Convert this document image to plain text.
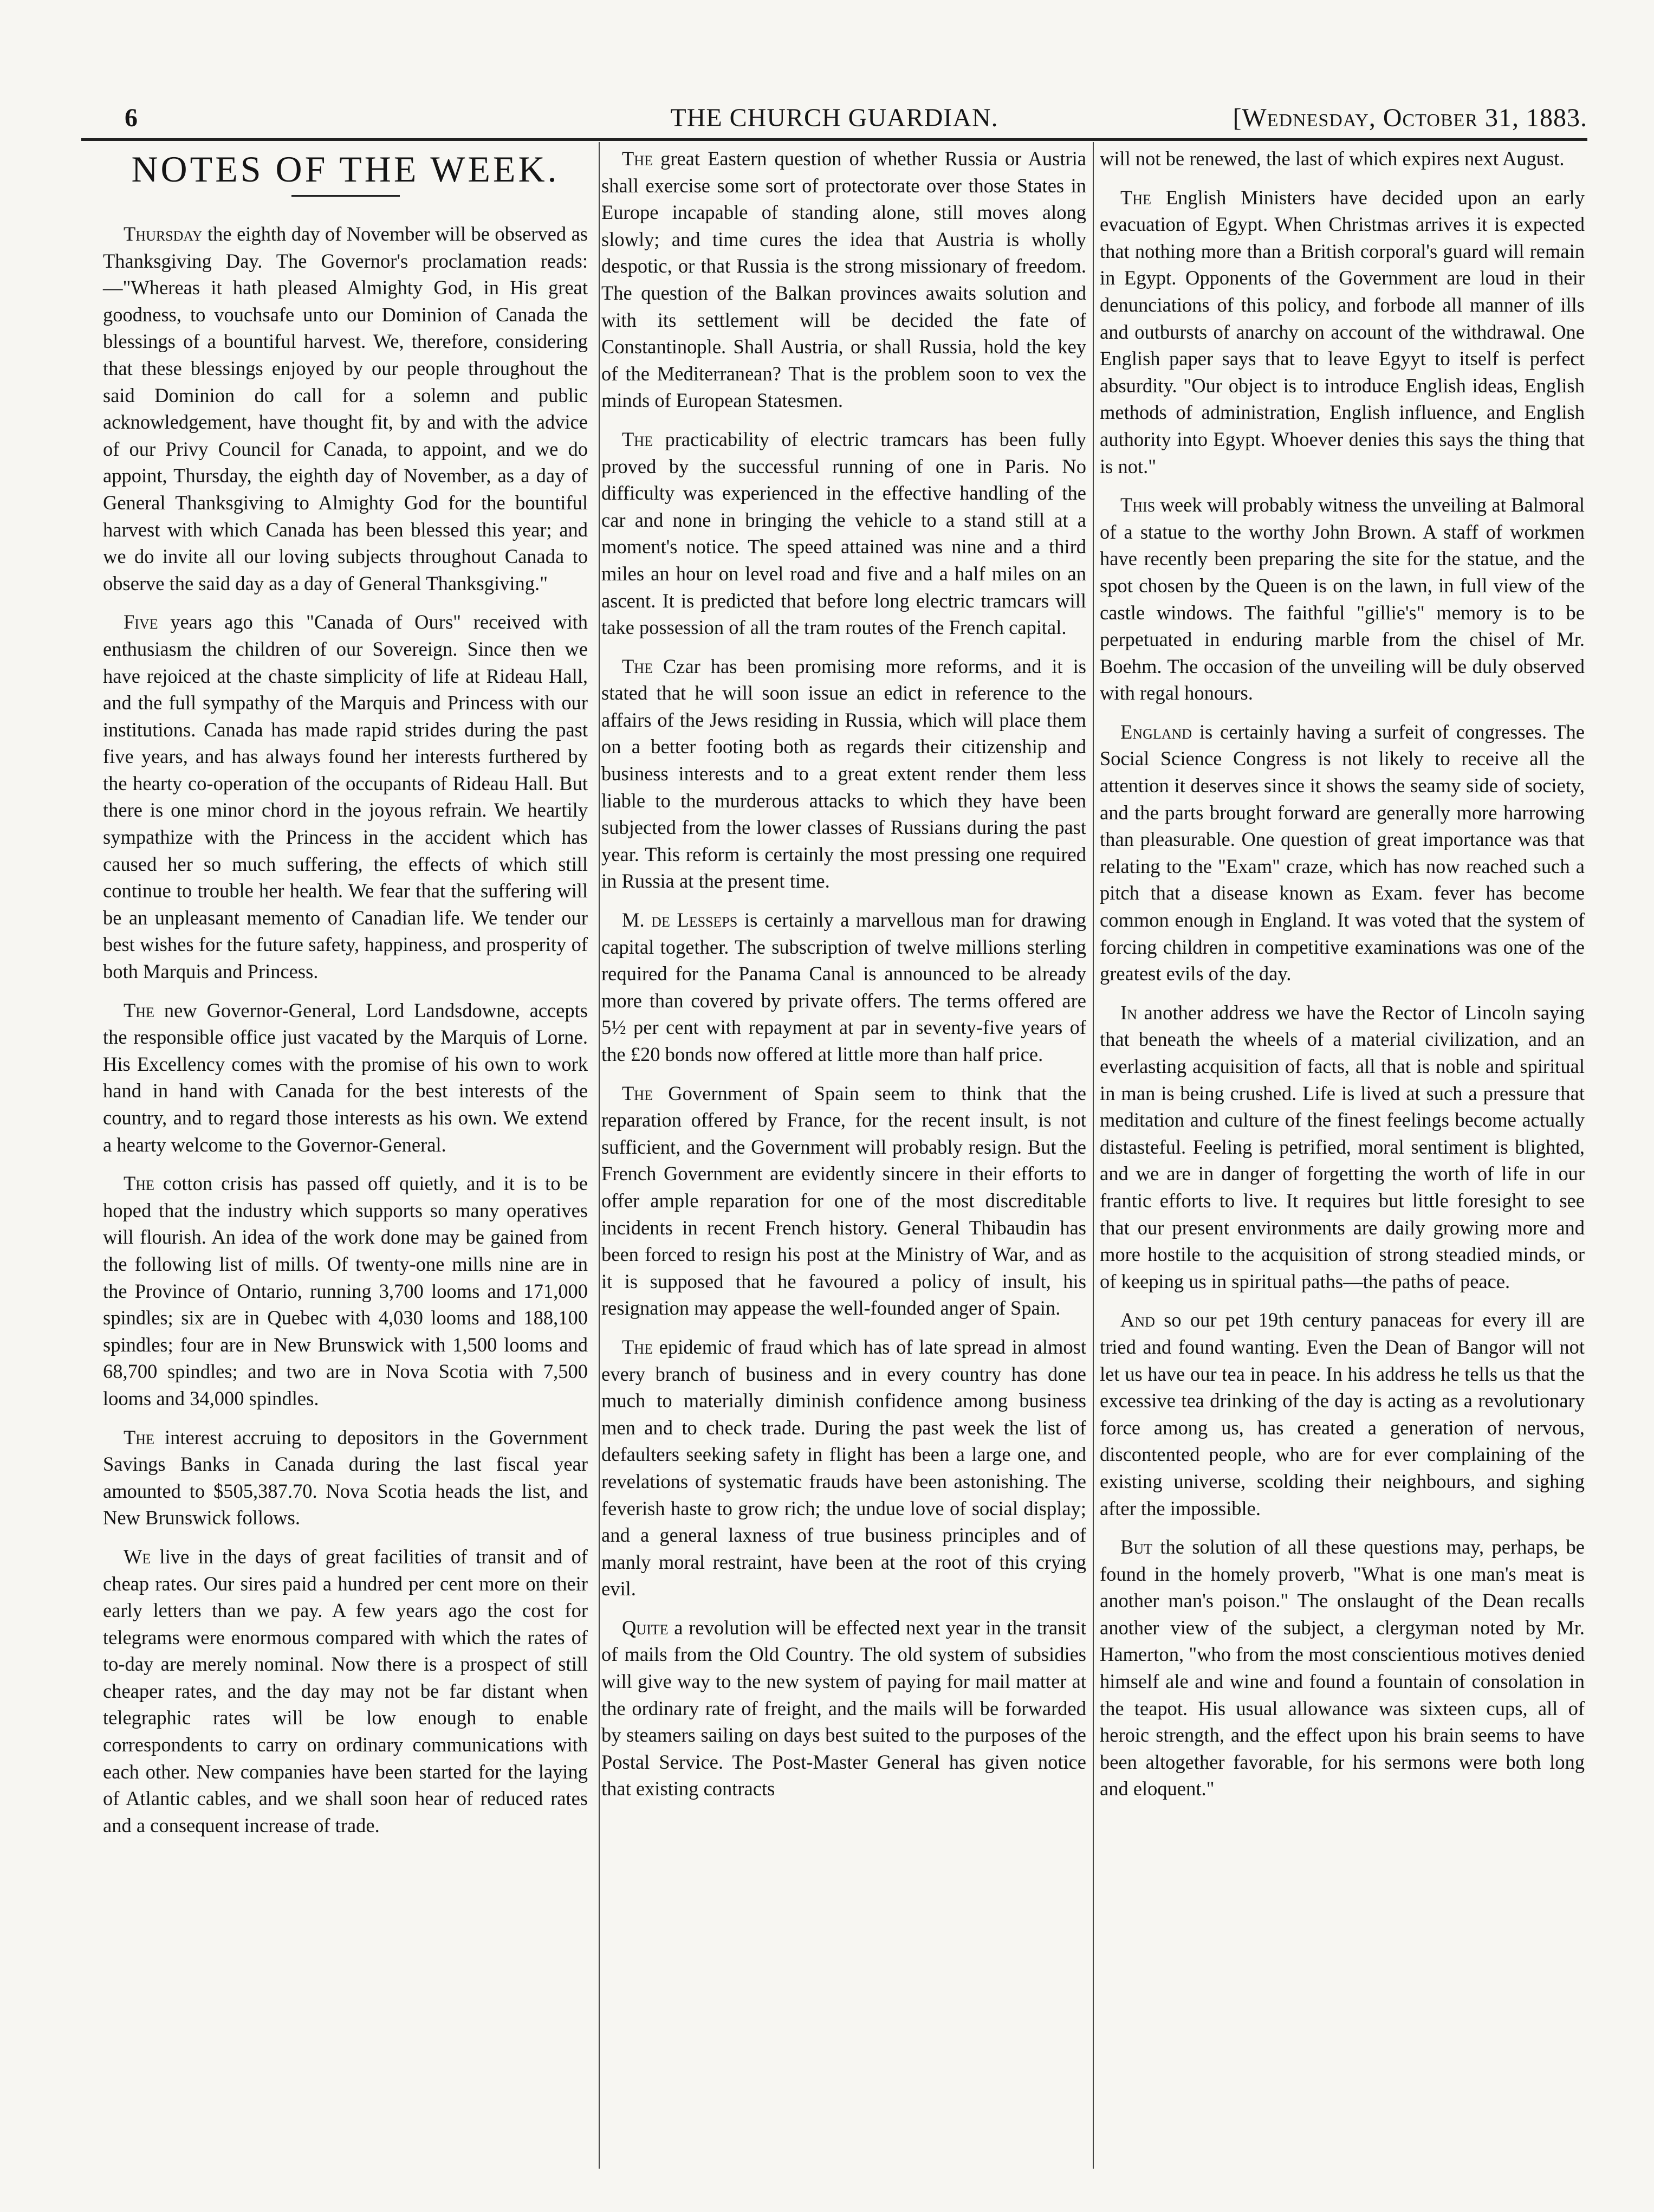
6	THE CHURCH GUARDIAN.	[Wednesday, October 31, 1883.
NOTES OF THE WEEK.

Thursday the eighth day of November will be observed as Thanksgiving Day. The Governor's proclamation reads:—"Whereas it hath pleased Almighty God, in His great goodness, to vouchsafe unto our Dominion of Canada the blessings of a bountiful harvest. We, therefore, considering that these blessings enjoyed by our people throughout the said Dominion do call for a solemn and public acknowledgement, have thought fit, by and with the advice of our Privy Council for Canada, to appoint, and we do appoint, Thursday, the eighth day of November, as a day of General Thanksgiving to Almighty God for the bountiful harvest with which Canada has been blessed this year; and we do invite all our loving subjects throughout Canada to observe the said day as a day of General Thanksgiving."

Five years ago this "Canada of Ours" received with enthusiasm the children of our Sovereign. Since then we have rejoiced at the chaste simplicity of life at Rideau Hall, and the full sympathy of the Marquis and Princess with our institutions. Canada has made rapid strides during the past five years, and has always found her interests furthered by the hearty co-operation of the occupants of Rideau Hall. But there is one minor chord in the joyous refrain. We heartily sympathize with the Princess in the accident which has caused her so much suffering, the effects of which still continue to trouble her health. We fear that the suffering will be an unpleasant memento of Canadian life. We tender our best wishes for the future safety, happiness, and prosperity of both Marquis and Princess.

The new Governor-General, Lord Landsdowne, accepts the responsible office just vacated by the Marquis of Lorne. His Excellency comes with the promise of his own to work hand in hand with Canada for the best interests of the country, and to regard those interests as his own. We extend a hearty welcome to the Governor-General.

The cotton crisis has passed off quietly, and it is to be hoped that the industry which supports so many operatives will flourish. An idea of the work done may be gained from the following list of mills. Of twenty-one mills nine are in the Province of Ontario, running 3,700 looms and 171,000 spindles; six are in Quebec with 4,030 looms and 188,100 spindles; four are in New Brunswick with 1,500 looms and 68,700 spindles; and two are in Nova Scotia with 7,500 looms and 34,000 spindles.

The interest accruing to depositors in the Government Savings Banks in Canada during the last fiscal year amounted to $505,387.70. Nova Scotia heads the list, and New Brunswick follows.

We live in the days of great facilities of transit and of cheap rates. Our sires paid a hundred per cent more on their early letters than we pay. A few years ago the cost for telegrams were enormous compared with which the rates of to-day are merely nominal. Now there is a prospect of still cheaper rates, and the day may not be far distant when telegraphic rates will be low enough to enable correspondents to carry on ordinary communications with each other. New companies have been started for the laying of Atlantic cables, and we shall soon hear of reduced rates and a consequent increase of trade.

The great Eastern question of whether Russia or Austria shall exercise some sort of protectorate over those States in Europe incapable of standing alone, still moves along slowly; and time cures the idea that Austria is wholly despotic, or that Russia is the strong missionary of freedom. The question of the Balkan provinces awaits solution and with its settlement will be decided the fate of Constantinople. Shall Austria, or shall Russia, hold the key of the Mediterranean? That is the problem soon to vex the minds of European Statesmen.

The practicability of electric tramcars has been fully proved by the successful running of one in Paris. No difficulty was experienced in the effective handling of the car and none in bringing the vehicle to a stand still at a moment's notice. The speed attained was nine and a third miles an hour on level road and five and a half miles on an ascent. It is predicted that before long electric tramcars will take possession of all the tram routes of the French capital.

The Czar has been promising more reforms, and it is stated that he will soon issue an edict in reference to the affairs of the Jews residing in Russia, which will place them on a better footing both as regards their citizenship and business interests and to a great extent render them less liable to the murderous attacks to which they have been subjected from the lower classes of Russians during the past year. This reform is certainly the most pressing one required in Russia at the present time.

M. de Lesseps is certainly a marvellous man for drawing capital together. The subscription of twelve millions sterling required for the Panama Canal is announced to be already more than covered by private offers. The terms offered are 5½ per cent with repayment at par in seventy-five years of the £20 bonds now offered at little more than half price.

The Government of Spain seem to think that the reparation offered by France, for the recent insult, is not sufficient, and the Government will probably resign. But the French Government are evidently sincere in their efforts to offer ample reparation for one of the most discreditable incidents in recent French history. General Thibaudin has been forced to resign his post at the Ministry of War, and as it is supposed that he favoured a policy of insult, his resignation may appease the well-founded anger of Spain.

The epidemic of fraud which has of late spread in almost every branch of business and in every country has done much to materially diminish confidence among business men and to check trade. During the past week the list of defaulters seeking safety in flight has been a large one, and revelations of systematic frauds have been astonishing. The feverish haste to grow rich; the undue love of social display; and a general laxness of true business principles and of manly moral restraint, have been at the root of this crying evil.

Quite a revolution will be effected next year in the transit of mails from the Old Country. The old system of subsidies will give way to the new system of paying for mail matter at the ordinary rate of freight, and the mails will be forwarded by steamers sailing on days best suited to the purposes of the Postal Service. The Post-Master General has given notice that existing contracts

will not be renewed, the last of which expires next August.

The English Ministers have decided upon an early evacuation of Egypt. When Christmas arrives it is expected that nothing more than a British corporal's guard will remain in Egypt. Opponents of the Government are loud in their denunciations of this policy, and forbode all manner of ills and outbursts of anarchy on account of the withdrawal. One English paper says that to leave Egyyt to itself is perfect absurdity. "Our object is to introduce English ideas, English methods of administration, English influence, and English authority into Egypt. Whoever denies this says the thing that is not."

This week will probably witness the unveiling at Balmoral of a statue to the worthy John Brown. A staff of workmen have recently been preparing the site for the statue, and the spot chosen by the Queen is on the lawn, in full view of the castle windows. The faithful "gillie's" memory is to be perpetuated in enduring marble from the chisel of Mr. Boehm. The occasion of the unveiling will be duly observed with regal honours.

England is certainly having a surfeit of congresses. The Social Science Congress is not likely to receive all the attention it deserves since it shows the seamy side of society, and the parts brought forward are generally more harrowing than pleasurable. One question of great importance was that relating to the "Exam" craze, which has now reached such a pitch that a disease known as Exam. fever has become common enough in England. It was voted that the system of forcing children in competitive examinations was one of the greatest evils of the day.

In another address we have the Rector of Lincoln saying that beneath the wheels of a material civilization, and an everlasting acquisition of facts, all that is noble and spiritual in man is being crushed. Life is lived at such a pressure that meditation and culture of the finest feelings become actually distasteful. Feeling is petrified, moral sentiment is blighted, and we are in danger of forgetting the worth of life in our frantic efforts to live. It requires but little foresight to see that our present environments are daily growing more and more hostile to the acquisition of strong steadied minds, or of keeping us in spiritual paths—the paths of peace.

And so our pet 19th century panaceas for every ill are tried and found wanting. Even the Dean of Bangor will not let us have our tea in peace. In his address he tells us that the excessive tea drinking of the day is acting as a revolutionary force among us, has created a generation of nervous, discontented people, who are for ever complaining of the existing universe, scolding their neighbours, and sighing after the impossible.

But the solution of all these questions may, perhaps, be found in the homely proverb, "What is one man's meat is another man's poison." The onslaught of the Dean recalls another view of the subject, a clergyman noted by Mr. Hamerton, "who from the most conscientious motives denied himself ale and wine and found a fountain of consolation in the teapot. His usual allowance was sixteen cups, all of heroic strength, and the effect upon his brain seems to have been altogether favorable, for his sermons were both long and eloquent."
